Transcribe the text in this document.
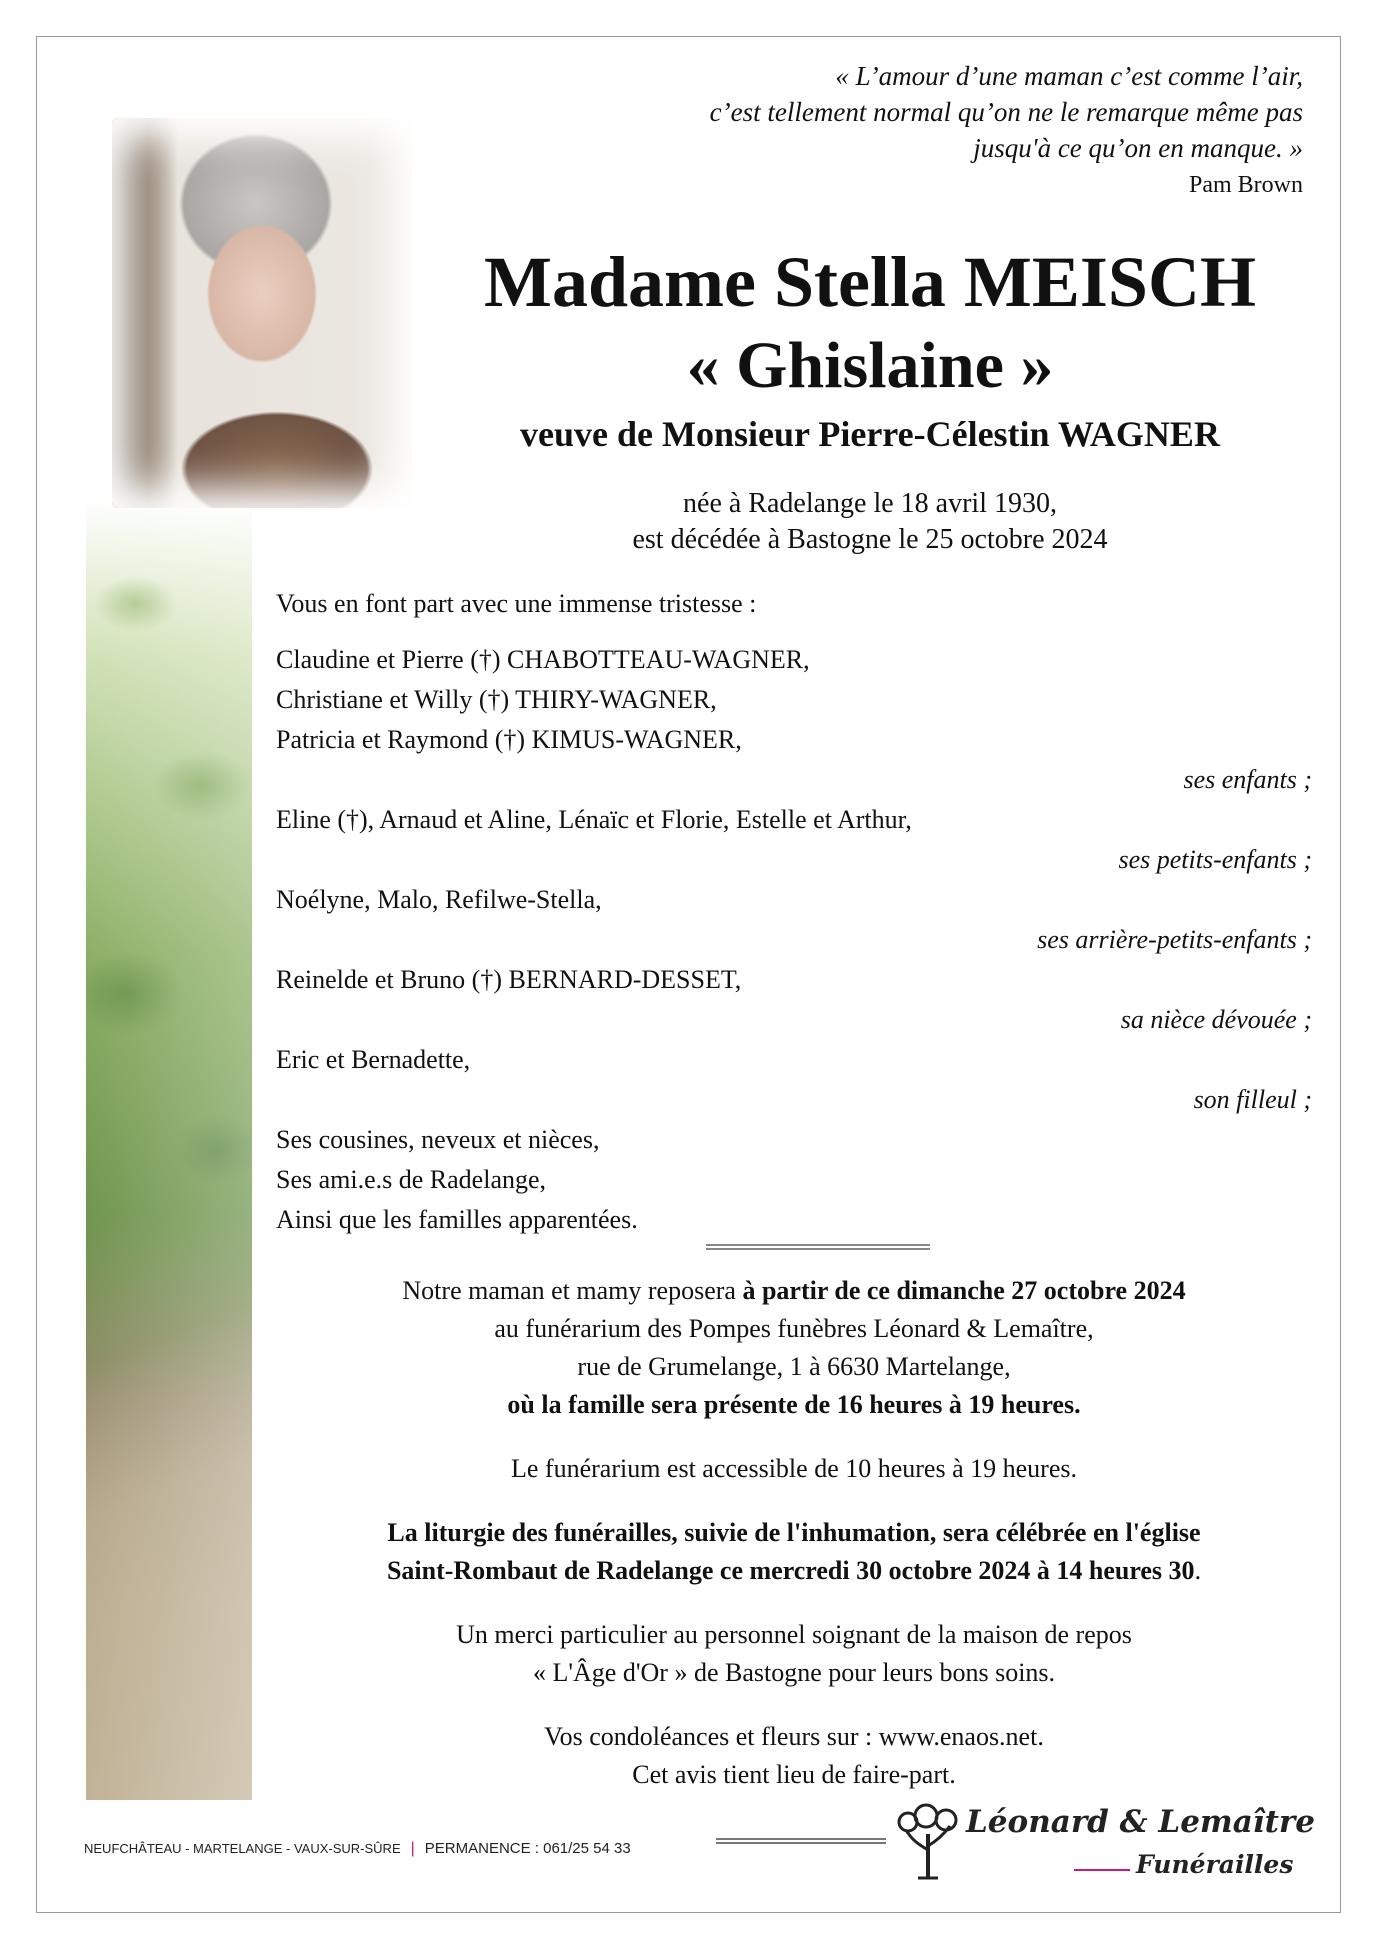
« L’amour d’une maman c’est comme l’air,
c’est tellement normal qu’on ne le remarque même pas
jusqu'à ce qu’on en manque. »
Pam Brown
Madame Stella MEISCH
« Ghislaine »
veuve de Monsieur Pierre-Célestin WAGNER
née à Radelange le 18 avril 1930,
est décédée à Bastogne le 25 octobre 2024
Vous en font part avec une immense tristesse :
Claudine et Pierre (†) CHABOTTEAU-WAGNER,
Christiane et Willy (†) THIRY-WAGNER,
Patricia et Raymond (†) KIMUS-WAGNER,
ses enfants ;
Eline (†), Arnaud et Aline, Lénaïc et Florie, Estelle et Arthur,
ses petits-enfants ;
Noélyne, Malo, Refilwe-Stella,
ses arrière-petits-enfants ;
Reinelde et Bruno (†) BERNARD-DESSET,
sa nièce dévouée ;
Eric et Bernadette,
son filleul ;
Ses cousines, neveux et nièces,
Ses ami.e.s de Radelange,
Ainsi que les familles apparentées.
Notre maman et mamy reposera à partir de ce dimanche 27 octobre 2024
au funérarium des Pompes funèbres Léonard & Lemaître,
rue de Grumelange, 1 à 6630 Martelange,
où la famille sera présente de 16 heures à 19 heures.
Le funérarium est accessible de 10 heures à 19 heures.
La liturgie des funérailles, suivie de l'inhumation, sera célébrée en l'église
Saint-Rombaut de Radelange ce mercredi 30 octobre 2024 à 14 heures 30.
Un merci particulier au personnel soignant de la maison de repos
« L'Âge d'Or » de Bastogne pour leurs bons soins.
Vos condoléances et fleurs sur : www.enaos.net.
Cet avis tient lieu de faire-part.
NEUFCHÂTEAU - MARTELANGE - VAUX-SUR-SÛRE | PERMANENCE : 061/25 54 33
Léonard & Lemaître
Funérailles
